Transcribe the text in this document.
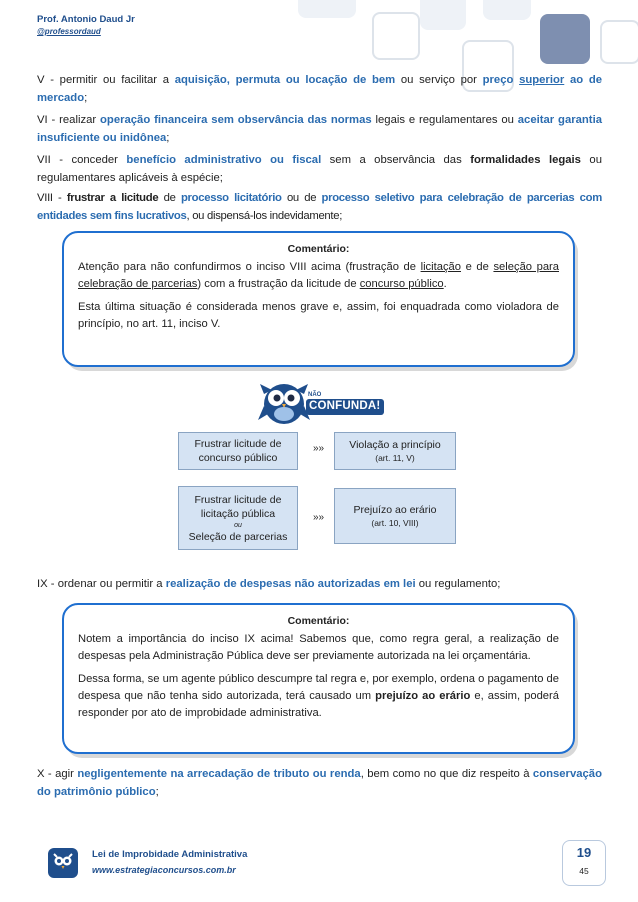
Prof. Antonio Daud Jr
@professordaud

V - permitir ou facilitar a aquisição, permuta ou locação de bem ou serviço por preço superior ao de mercado;

VI - realizar operação financeira sem observância das normas legais e regulamentares ou aceitar garantia insuficiente ou inidônea;

VII - conceder benefício administrativo ou fiscal sem a observância das formalidades legais ou regulamentares aplicáveis à espécie;

VIII - frustrar a licitude de processo licitatório ou de processo seletivo para celebração de parcerias com entidades sem fins lucrativos, ou dispensá-los indevidamente;

Comentário:
Atenção para não confundirmos o inciso VIII acima (frustração de licitação e de seleção para celebração de parcerias) com a frustração da licitude de concurso público.
Esta última situação é considerada menos grave e, assim, foi enquadrada como violadora de princípio, no art. 11, inciso V.
NÃO
CONFUNDA!
Frustrar licitude de concurso público
»» Violação a princípio
(art. 11, V)
Frustrar licitude de licitação pública
ou
Seleção de parcerias
»»
Prejuízo ao erário
(art. 10, VIII)

IX - ordenar ou permitir a realização de despesas não autorizadas em lei ou regulamento;

Comentário:
Notem a importância do inciso IX acima! Sabemos que, como regra geral, a realização de despesas pela Administração Pública deve ser previamente autorizada na lei orçamentária.
Dessa forma, se um agente público descumpre tal regra e, por exemplo, ordena o pagamento de despesa que não tenha sido autorizada, terá causado um prejuízo ao erário e, assim, poderá responder por ato de improbidade administrativa.

X - agir negligentemente na arrecadação de tributo ou renda, bem como no que diz respeito à conservação do patrimônio público;

Lei de Improbidade Administrativa
www.estrategiaconcursos.com.br
19
45
